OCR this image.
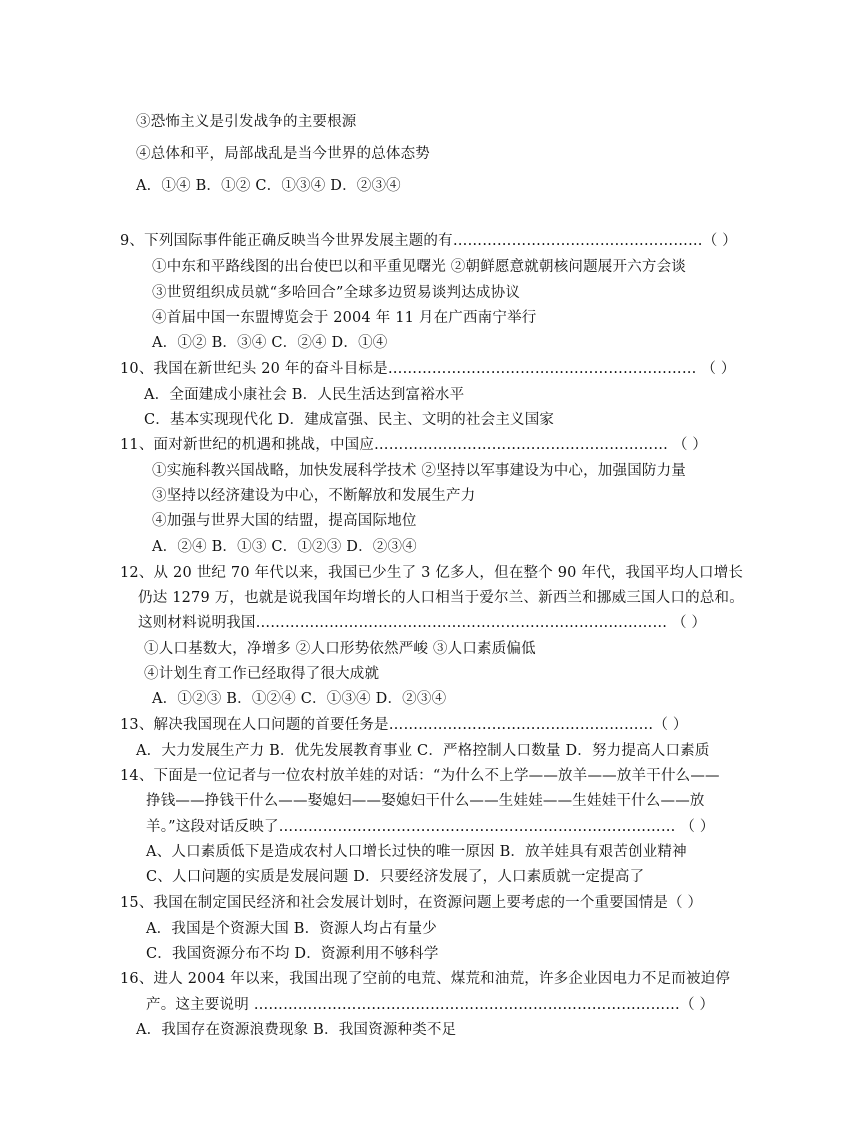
③恐怖主义是引发战争的主要根源
④总体和平，局部战乱是当今世界的总体态势
A．①④ B．①② C．①③④ D．②③④
9、下列国际事件能正确反映当今世界发展主题的有……………………………………………（ ）
①中东和平路线图的出台使巴以和平重见曙光 ②朝鲜愿意就朝核问题展开六方会谈
③世贸组织成员就“多哈回合”全球多边贸易谈判达成协议
④首届中国一东盟博览会于 2004 年 11 月在广西南宁举行
A．①② B．③④ C．②④ D．①④
10、我国在新世纪头 20 年的奋斗目标是……………………………………………………… （ ）
A．全面建成小康社会 B．人民生活达到富裕水平
C．基本实现现代化 D．建成富强、民主、文明的社会主义国家
11、面对新世纪的机遇和挑战，中国应…………………………………………………… （ ）
①实施科教兴国战略，加快发展科学技术 ②坚持以军事建设为中心，加强国防力量
③坚持以经济建设为中心，不断解放和发展生产力
④加强与世界大国的结盟，提高国际地位
A．②④ B．①③ C．①②③ D．②③④
12、从 20 世纪 70 年代以来，我国已少生了 3 亿多人，但在整个 90 年代，我国平均人口增长
仍达 1279 万，也就是说我国年均增长的人口相当于爱尔兰、新西兰和挪威三国人口的总和。
这则材料说明我国………………………………………………………………………… （ ）
①人口基数大，净增多 ②人口形势依然严峻 ③人口素质偏低
④计划生育工作已经取得了很大成就
A．①②③ B．①②④ C．①③④ D．②③④
13、解决我国现在人口问题的首要任务是………………………………………………（ ）
A．大力发展生产力 B．优先发展教育事业 C．严格控制人口数量 D．努力提高人口素质
14、下面是一位记者与一位农村放羊娃的对话：“为什么不上学——放羊——放羊干什么——
挣钱——挣钱干什么——娶媳妇——娶媳妇干什么——生娃娃——生娃娃干什么——放
羊。”这段对话反映了……………………………………………………………………… （ ）
A、人口素质低下是造成农村人口增长过快的唯一原因 B．放羊娃具有艰苦创业精神
C、人口问题的实质是发展问题 D．只要经济发展了，人口素质就一定提高了
15、我国在制定国民经济和社会发展计划时，在资源问题上要考虑的一个重要国情是（ ）
A．我国是个资源大国 B．资源人均占有量少
C．我国资源分布不均 D．资源利用不够科学
16、进人 2004 年以来，我国出现了空前的电荒、煤荒和油荒，许多企业因电力不足而被迫停
产。这主要说明 ……………………………………………………………………………（ ）
A．我国存在资源浪费现象 B．我国资源种类不足
